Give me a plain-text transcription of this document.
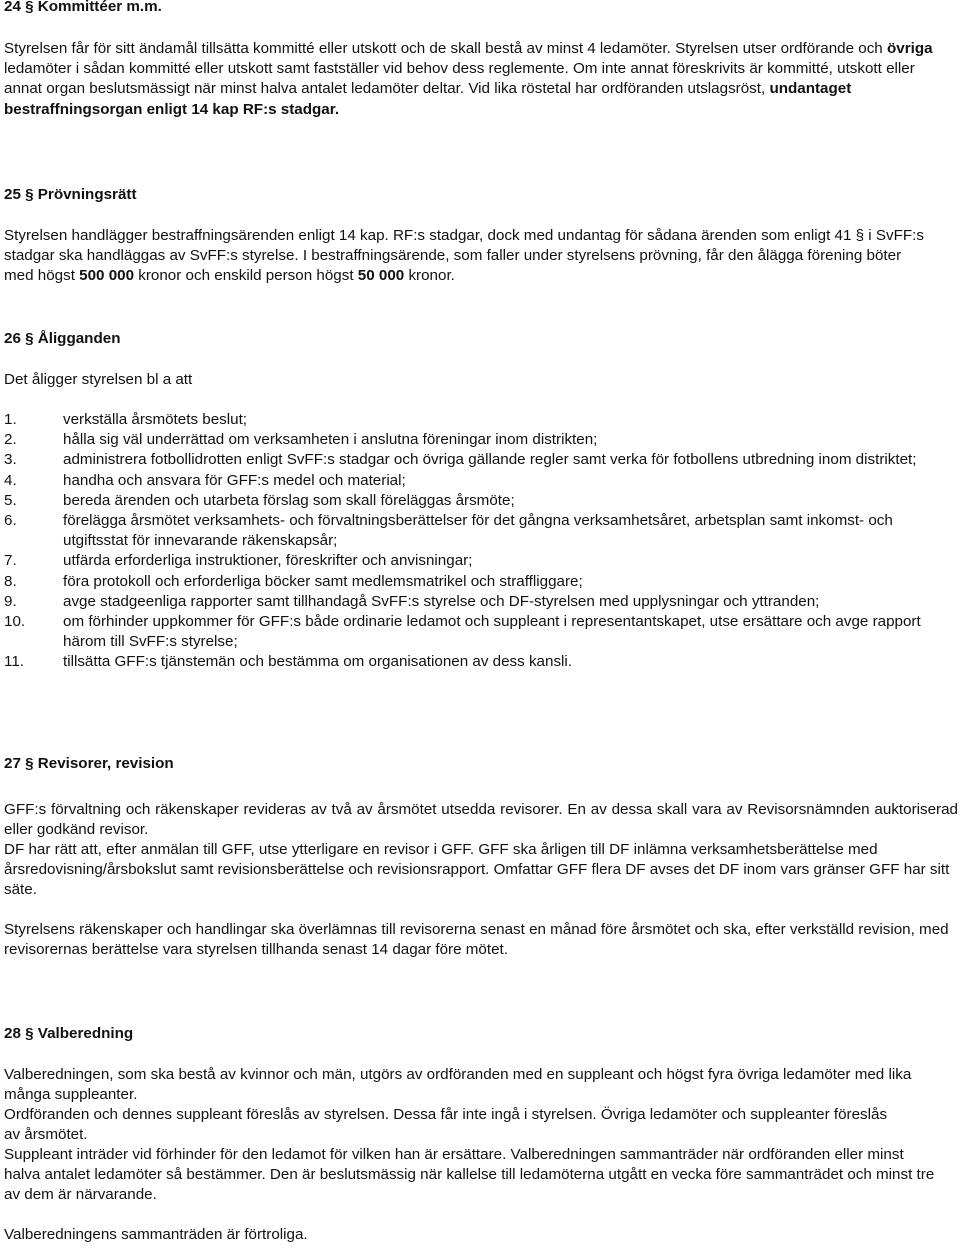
24 § Kommittéer m.m.

Styrelsen får för sitt ändamål tillsätta kommitté eller utskott och de skall bestå av minst 4 ledamöter. Styrelsen utser ordförande och övriga ledamöter i sådan kommitté eller utskott samt fastställer vid behov dess reglemente. Om inte annat föreskrivits är kommitté, utskott eller annat organ beslutsmässigt när minst halva antalet ledamöter deltar. Vid lika röstetal har ordföranden utslagsröst, undantaget bestraffningsorgan enligt 14 kap RF:s stadgar.

25 § Prövningsrätt

Styrelsen handlägger bestraffningsärenden enligt 14 kap. RF:s stadgar, dock med undantag för sådana ärenden som enligt 41 § i SvFF:s stadgar ska handläggas av SvFF:s styrelse. I bestraffningsärende, som faller under styrelsens prövning, får den ålägga förening böter med högst 500 000 kronor och enskild person högst 50 000 kronor.

26 § Åligganden

Det åligger styrelsen bl a att

1.	verkställa årsmötets beslut;
2.	hålla sig väl underrättad om verksamheten i anslutna föreningar inom distrikten;
3.	administrera fotbollidrotten enligt SvFF:s stadgar och övriga gällande regler samt verka för fotbollens utbredning inom distriktet;
4.	handha och ansvara för GFF:s medel och material;
5.	bereda ärenden och utarbeta förslag som skall föreläggas årsmöte;
6.	förelägga årsmötet verksamhets- och förvaltningsberättelser för det gångna verksamhetsåret, arbetsplan samt inkomst- och utgiftsstat för innevarande räkenskapsår;
7.	utfärda erforderliga instruktioner, föreskrifter och anvisningar;
8.	föra protokoll och erforderliga böcker samt medlemsmatrikel och straffliggare;
9.	avge stadgeenliga rapporter samt tillhandagå SvFF:s styrelse och DF-styrelsen med upplysningar och yttranden;
10. om förhinder uppkommer för GFF:s både ordinarie ledamot och suppleant i representantskapet, utse ersättare och avge rapport härom till SvFF:s styrelse;
11.	tillsätta GFF:s tjänstemän och bestämma om organisationen av dess kansli.
27 § Revisorer, revision

GFF:s förvaltning och räkenskaper revideras av två av årsmötet utsedda revisorer. En av dessa skall vara av Revisorsnämnden auktoriserad eller godkänd revisor.

DF har rätt att, efter anmälan till GFF, utse ytterligare en revisor i GFF. GFF ska årligen till DF inlämna verksamhetsberättelse med årsredovisning/årsbokslut samt revisionsberättelse och revisionsrapport. Omfattar GFF flera DF avses det DF inom vars gränser GFF har sitt säte.

Styrelsens räkenskaper och handlingar ska överlämnas till revisorerna senast en månad före årsmötet och ska, efter verkställd revision, med revisorernas berättelse vara styrelsen tillhanda senast 14 dagar före mötet.

28 § Valberedning

Valberedningen, som ska bestå av kvinnor och män, utgörs av ordföranden med en suppleant och högst fyra övriga ledamöter med lika många suppleanter.

Ordföranden och dennes suppleant föreslås av styrelsen. Dessa får inte ingå i styrelsen. Övriga ledamöter och suppleanter föreslås av årsmötet.

Suppleant inträder vid förhinder för den ledamot för vilken han är ersättare. Valberedningen sammanträder när ordföranden eller minst halva antalet ledamöter så bestämmer. Den är beslutsmässig när kallelse till ledamöterna utgått en vecka före sammanträdet och minst tre av dem är närvarande.

Valberedningens sammanträden är förtroliga.
